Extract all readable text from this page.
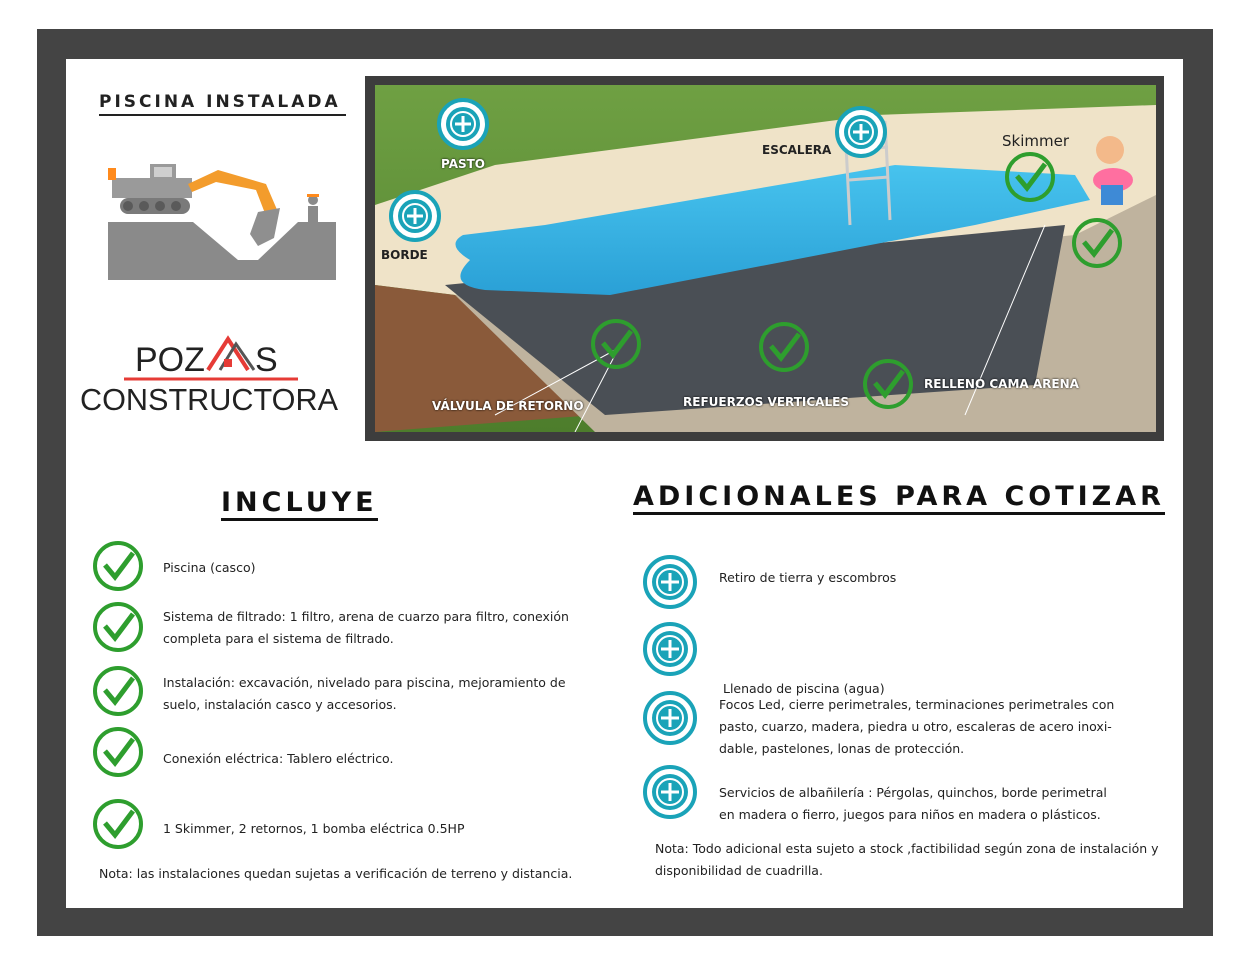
PISCINA INSTALADA
POZ S
CONSTRUCTORA
PASTO
ESCALERA	Skimmer
BORDE
VÁLVULA DE RETORNO	REFUERZOS VERTICALES
RELLENO CAMA ARENA
INCLUYE
Piscina (casco)
Sistema de filtrado: 1 filtro, arena de cuarzo para filtro, conexión
completa para el sistema de filtrado.
Instalación: excavación, nivelado para piscina, mejoramiento de
suelo, instalación casco y accesorios.
Conexión eléctrica: Tablero eléctrico.
1 Skimmer, 2 retornos, 1 bomba eléctrica 0.5HP
Nota: las instalaciones quedan sujetas a verificación de terreno y distancia.
ADICIONALES PARA COTIZAR
Retiro de tierra y escombros

Llenado de piscina (agua)

Focos Led, cierre perimetrales, terminaciones perimetrales con
pasto, cuarzo, madera, piedra u otro, escaleras de acero inoxi-
dable, pastelones, lonas de protección.
Servicios de albañilería : Pérgolas, quinchos, borde perimetral
en madera o fierro, juegos para niños en madera o plásticos.
Nota: Todo adicional esta sujeto a stock ,factibilidad según zona de instalación y
disponibilidad de cuadrilla.
